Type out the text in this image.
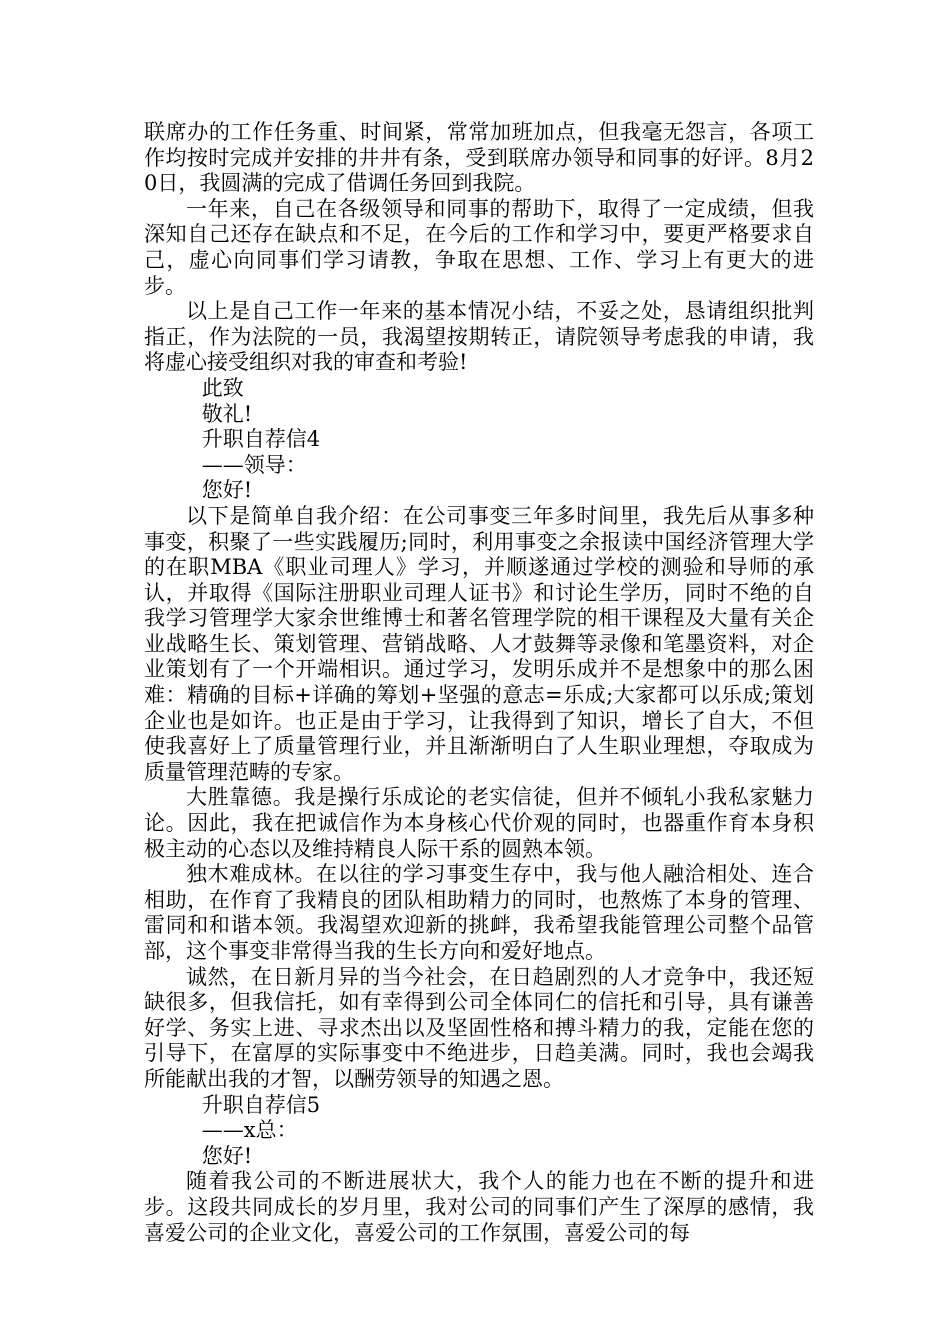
联席办的工作任务重、时间紧，常常加班加点，但我毫无怨言，各项工作均按时完成并安排的井井有条，受到联席办领导和同事的好评。8月20日，我圆满的完成了借调任务回到我院。

一年来，自己在各级领导和同事的帮助下，取得了一定成绩，但我深知自己还存在缺点和不足，在今后的工作和学习中，要更严格要求自己，虚心向同事们学习请教，争取在思想、工作、学习上有更大的进步。

以上是自己工作一年来的基本情况小结，不妥之处，恳请组织批判指正，作为法院的一员，我渴望按期转正，请院领导考虑我的申请，我将虚心接受组织对我的审查和考验!

此致

敬礼!

升职自荐信4

——领导：

您好!

以下是简单自我介绍：在公司事变三年多时间里，我先后从事多种事变，积聚了一些实践履历;同时，利用事变之余报读中国经济管理大学的在职MBA《职业司理人》学习，并顺遂通过学校的测验和导师的承认，并取得《国际注册职业司理人证书》和讨论生学历，同时不绝的自我学习管理学大家余世维博士和著名管理学院的相干课程及大量有关企业战略生长、策划管理、营销战略、人才鼓舞等录像和笔墨资料，对企业策划有了一个开端相识。通过学习，发明乐成并不是想象中的那么困难：精确的目标+详确的筹划+坚强的意志=乐成;大家都可以乐成;策划企业也是如许。也正是由于学习，让我得到了知识，增长了自大，不但使我喜好上了质量管理行业，并且渐渐明白了人生职业理想，夺取成为质量管理范畴的专家。

大胜靠德。我是操行乐成论的老实信徒，但并不倾轧小我私家魅力论。因此，我在把诚信作为本身核心代价观的同时，也器重作育本身积极主动的心态以及维持精良人际干系的圆熟本领。

独木难成林。在以往的学习事变生存中，我与他人融洽相处、连合相助，在作育了我精良的团队相助精力的同时，也熬炼了本身的管理、雷同和和谐本领。我渴望欢迎新的挑衅，我希望我能管理公司整个品管部，这个事变非常得当我的生长方向和爱好地点。

诚然，在日新月异的当今社会，在日趋剧烈的人才竞争中，我还短缺很多，但我信托，如有幸得到公司全体同仁的信托和引导，具有谦善好学、务实上进、寻求杰出以及坚固性格和搏斗精力的我，定能在您的引导下，在富厚的实际事变中不绝进步，日趋美满。同时，我也会竭我所能献出我的才智，以酬劳领导的知遇之恩。

升职自荐信5

——x总：

您好!

随着我公司的不断进展状大，我个人的能力也在不断的提升和进步。这段共同成长的岁月里，我对公司的同事们产生了深厚的感情，我喜爱公司的企业文化，喜爱公司的工作氛围，喜爱公司的每
